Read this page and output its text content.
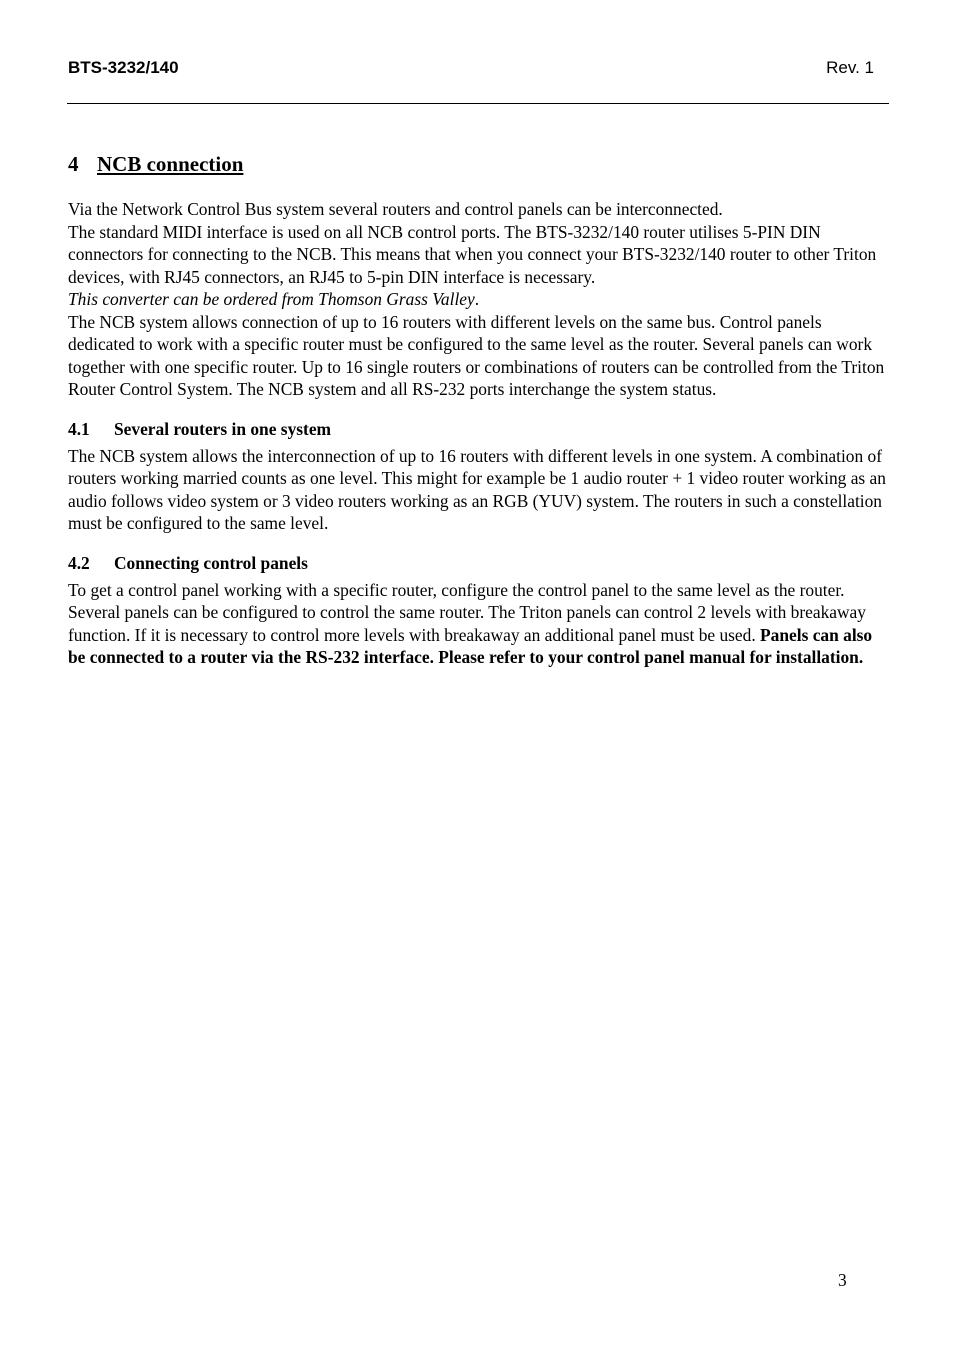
BTS-3232/140	Rev. 1
4 NCB connection
Via the Network Control Bus system several routers and control panels can be interconnected.
The standard MIDI interface is used on all NCB control ports. The BTS-3232/140 router utilises 5-PIN DIN connectors for connecting to the NCB. This means that when you connect your BTS-3232/140 router to other Triton devices, with RJ45 connectors, an RJ45 to 5-pin DIN interface is necessary.
This converter can be ordered from Thomson Grass Valley.
The NCB system allows connection of up to 16 routers with different levels on the same bus. Control panels dedicated to work with a specific router must be configured to the same level as the router. Several panels can work together with one specific router. Up to 16 single routers or combinations of routers can be controlled from the Triton Router Control System. The NCB system and all RS-232 ports interchange the system status.
4.1 Several routers in one system
The NCB system allows the interconnection of up to 16 routers with different levels in one system. A combination of routers working married counts as one level. This might for example be 1 audio router + 1 video router working as an audio follows video system or 3 video routers working as an RGB (YUV) system. The routers in such a constellation must be configured to the same level.
4.2 Connecting control panels
To get a control panel working with a specific router, configure the control panel to the same level as the router. Several panels can be configured to control the same router. The Triton panels can control 2 levels with breakaway function. If it is necessary to control more levels with breakaway an additional panel must be used. Panels can also be connected to a router via the RS-232 interface. Please refer to your control panel manual for installation.
3
